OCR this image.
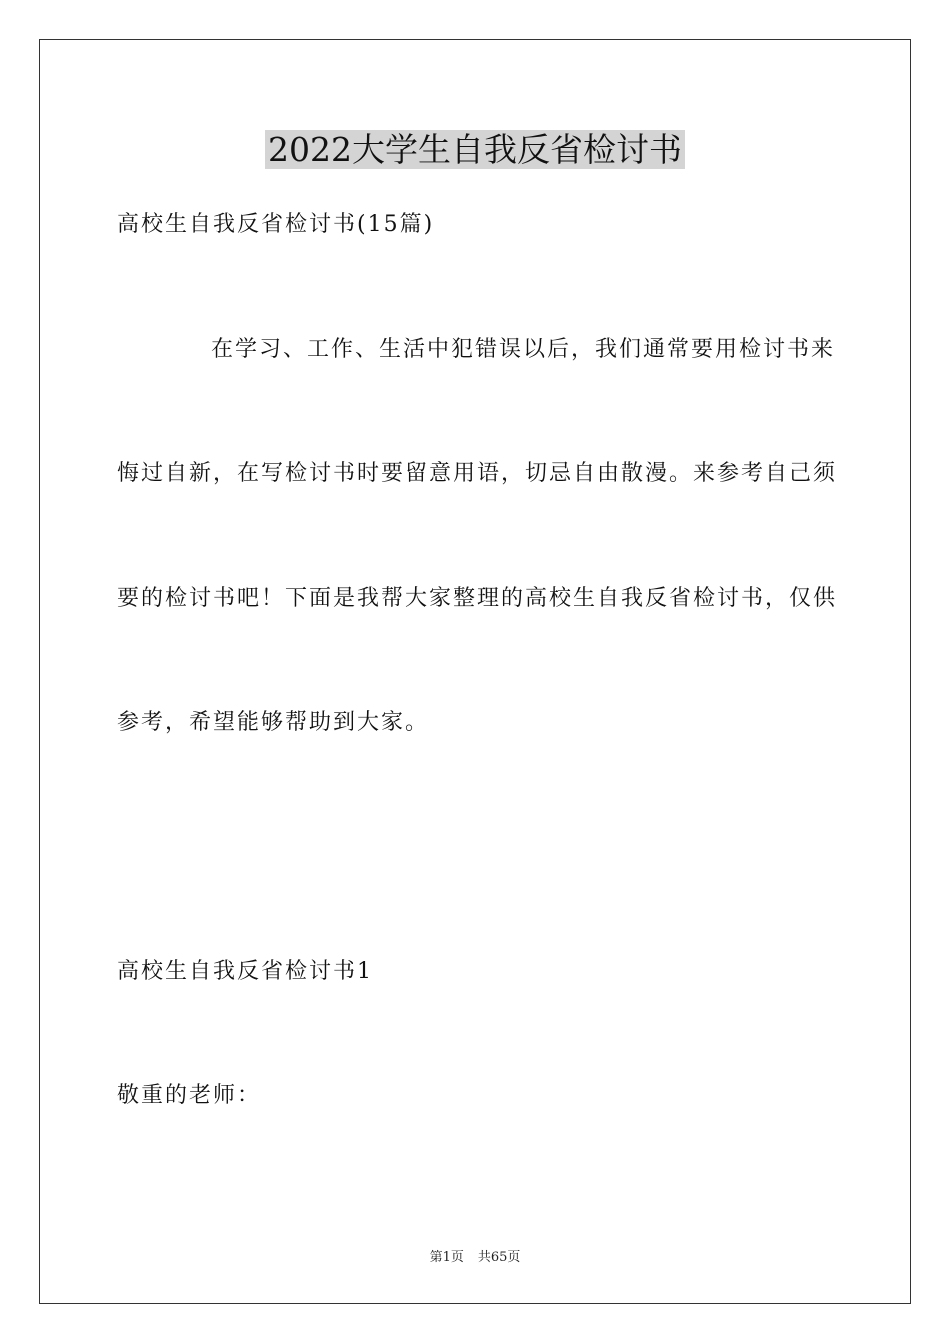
2022大学生自我反省检讨书

高校生自我反省检讨书(15篇)

在学习、工作、生活中犯错误以后，我们通常要用检讨书来

悔过自新，在写检讨书时要留意用语，切忌自由散漫。来参考自己须

要的检讨书吧！下面是我帮大家整理的高校生自我反省检讨书，仅供

参考，希望能够帮助到大家。

高校生自我反省检讨书1

敬重的老师：

第1页 共65页
